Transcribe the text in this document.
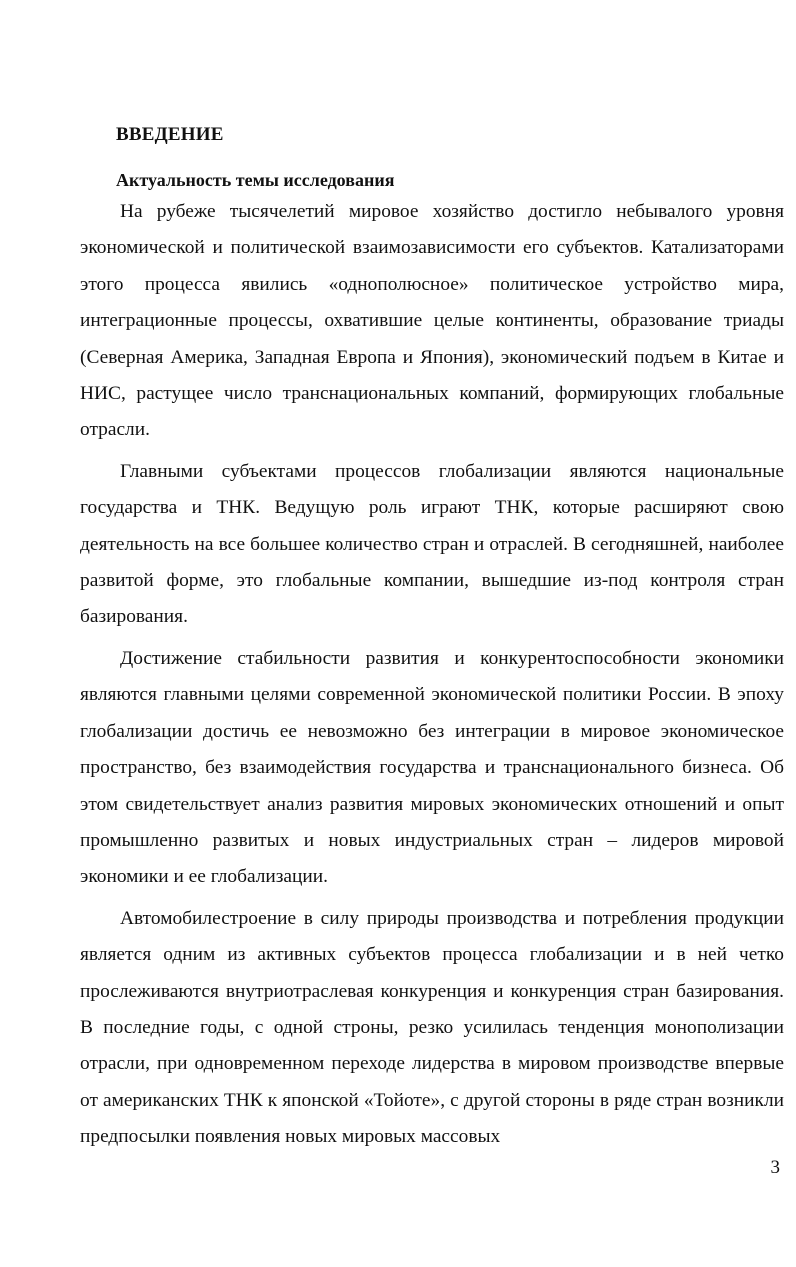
ВВЕДЕНИЕ
Актуальность темы исследования

На рубеже тысячелетий мировое хозяйство достигло небывалого уровня экономической и политической взаимозависимости его субъектов. Катализаторами этого процесса явились «однополюсное» политическое устройство мира, интеграционные процессы, охватившие целые континенты, образование триады (Северная Америка, Западная Европа и Япония), экономический подъем в Китае и НИС, растущее число транснациональных компаний, формирующих глобальные отрасли.

Главными субъектами процессов глобализации являются национальные государства и ТНК. Ведущую роль играют ТНК, которые расширяют свою деятельность на все большее количество стран и отраслей. В сегодняшней, наиболее развитой форме, это глобальные компании, вышедшие из-под контроля стран базирования.

Достижение стабильности развития и конкурентоспособности экономики являются главными целями современной экономической политики России. В эпоху глобализации достичь ее невозможно без интеграции в мировое экономическое пространство, без взаимодействия государства и транснационального бизнеса. Об этом свидетельствует анализ развития мировых экономических отношений и опыт промышленно развитых и новых индустриальных стран – лидеров мировой экономики и ее глобализации.

Автомобилестроение в силу природы производства и потребления продукции является одним из активных субъектов процесса глобализации и в ней четко прослеживаются внутриотраслевая конкуренция и конкуренция стран базирования. В последние годы, с одной строны, резко усилилась тенденция монополизации отрасли, при одновременном переходе лидерства в мировом производстве впервые от американских ТНК к японской «Тойоте», с другой стороны в ряде стран возникли предпосылки появления новых мировых массовых

3
